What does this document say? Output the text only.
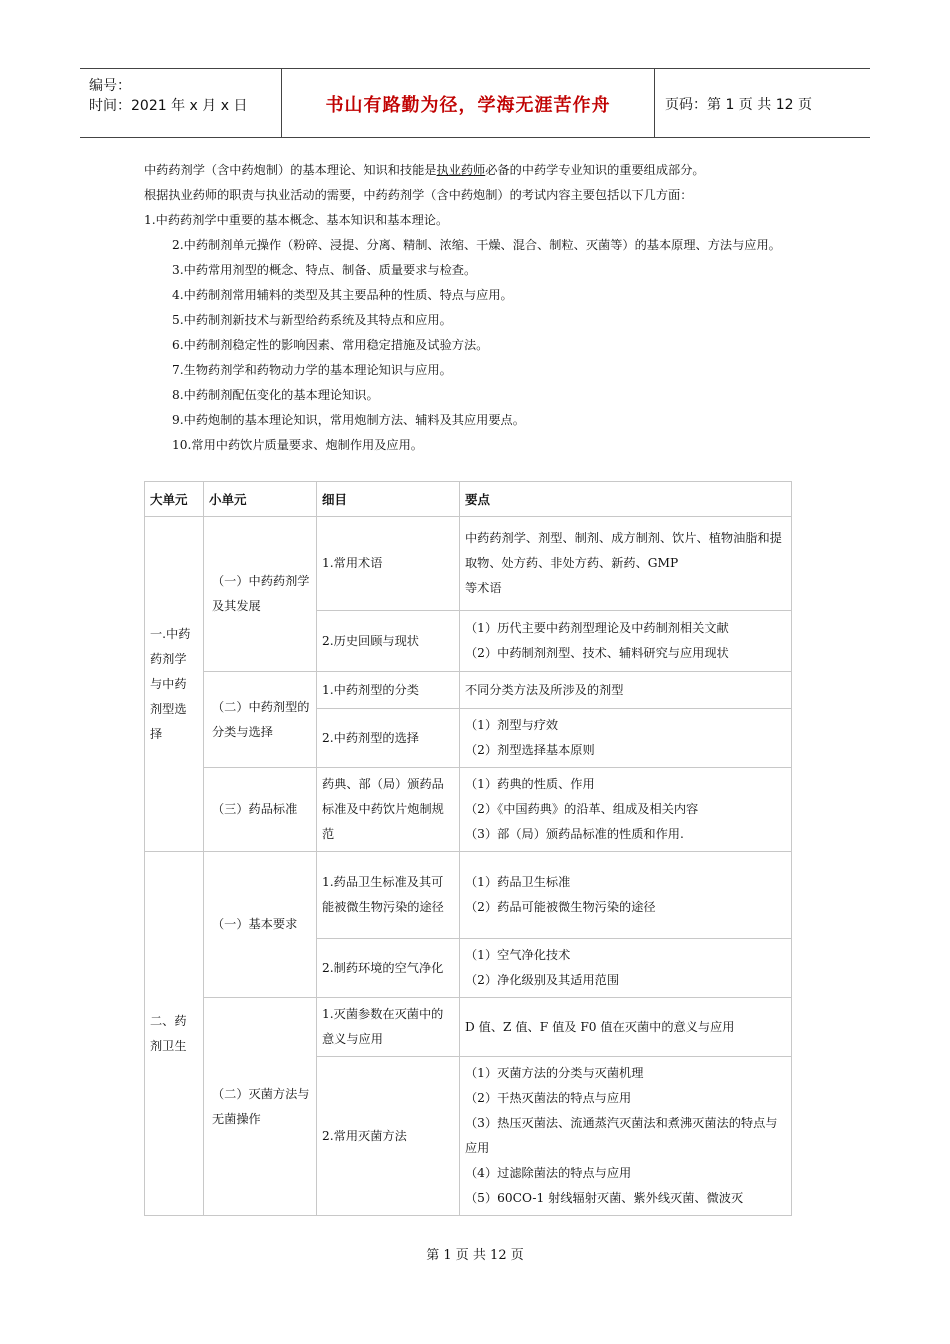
编号：
时间：2021 年 x 月 x 日	书山有路勤为径，学海无涯苦作舟	页码：第 1 页 共 12 页

中药药剂学（含中药炮制）的基本理论、知识和技能是执业药师必备的中药学专业知识的重要组成部分。

根据执业药师的职责与执业活动的需要，中药药剂学（含中药炮制）的考试内容主要包括以下几方面：

1.中药药剂学中重要的基本概念、基本知识和基本理论。

2.中药制剂单元操作（粉碎、浸提、分离、精制、浓缩、干燥、混合、制粒、灭菌等）的基本原理、方法与应用。

3.中药常用剂型的概念、特点、制备、质量要求与检查。

4.中药制剂常用辅料的类型及其主要品种的性质、特点与应用。

5.中药制剂新技术与新型给药系统及其特点和应用。

6.中药制剂稳定性的影响因素、常用稳定措施及试验方法。

7.生物药剂学和药物动力学的基本理论知识与应用。

8.中药制剂配伍变化的基本理论知识。

9.中药炮制的基本理论知识，常用炮制方法、辅料及其应用要点。

10.常用中药饮片质量要求、炮制作用及应用。

大单元	小单元	细目	要点
一.中药药剂学与中药剂型选择	（一）中药药剂学及其发展	1.常用术语	中药药剂学、剂型、制剂、成方制剂、饮片、植物油脂和提取物、处方药、非处方药、新药、GMP
等术语

		2.历史回顾与现状	（1）历代主要中药剂型理论及中药制剂相关文献
（2）中药制剂剂型、技术、辅料研究与应用现状

	（二）中药剂型的分类与选择	1.中药剂型的分类	不同分类方法及所涉及的剂型

		2.中药剂型的选择	（1）剂型与疗效
（2）剂型选择基本原则

	（三）药品标准	药典、部（局）颁药品标准及中药饮片炮制规范	（1）药典的性质、作用
（2）《中国药典》的沿革、组成及相关内容
（3）部（局）颁药品标准的性质和作用.

二、药剂卫生	（一）基本要求	1.药品卫生标准及其可能被微生物污染的途径	（1）药品卫生标准
（2）药品可能被微生物污染的途径

		2.制药环境的空气净化	（1）空气净化技术
（2）净化级别及其适用范围

	（二）灭菌方法与无菌操作	1.灭菌参数在灭菌中的意义与应用	D 值、Z 值、F 值及 F0 值在灭菌中的意义与应用

		2.常用灭菌方法	（1）灭菌方法的分类与灭菌机理
（2）干热灭菌法的特点与应用
（3）热压灭菌法、流通蒸汽灭菌法和煮沸灭菌法的特点与应用
（4）过滤除菌法的特点与应用
（5）60CO-1 射线辐射灭菌、紫外线灭菌、微波灭
第 1 页 共 12 页
